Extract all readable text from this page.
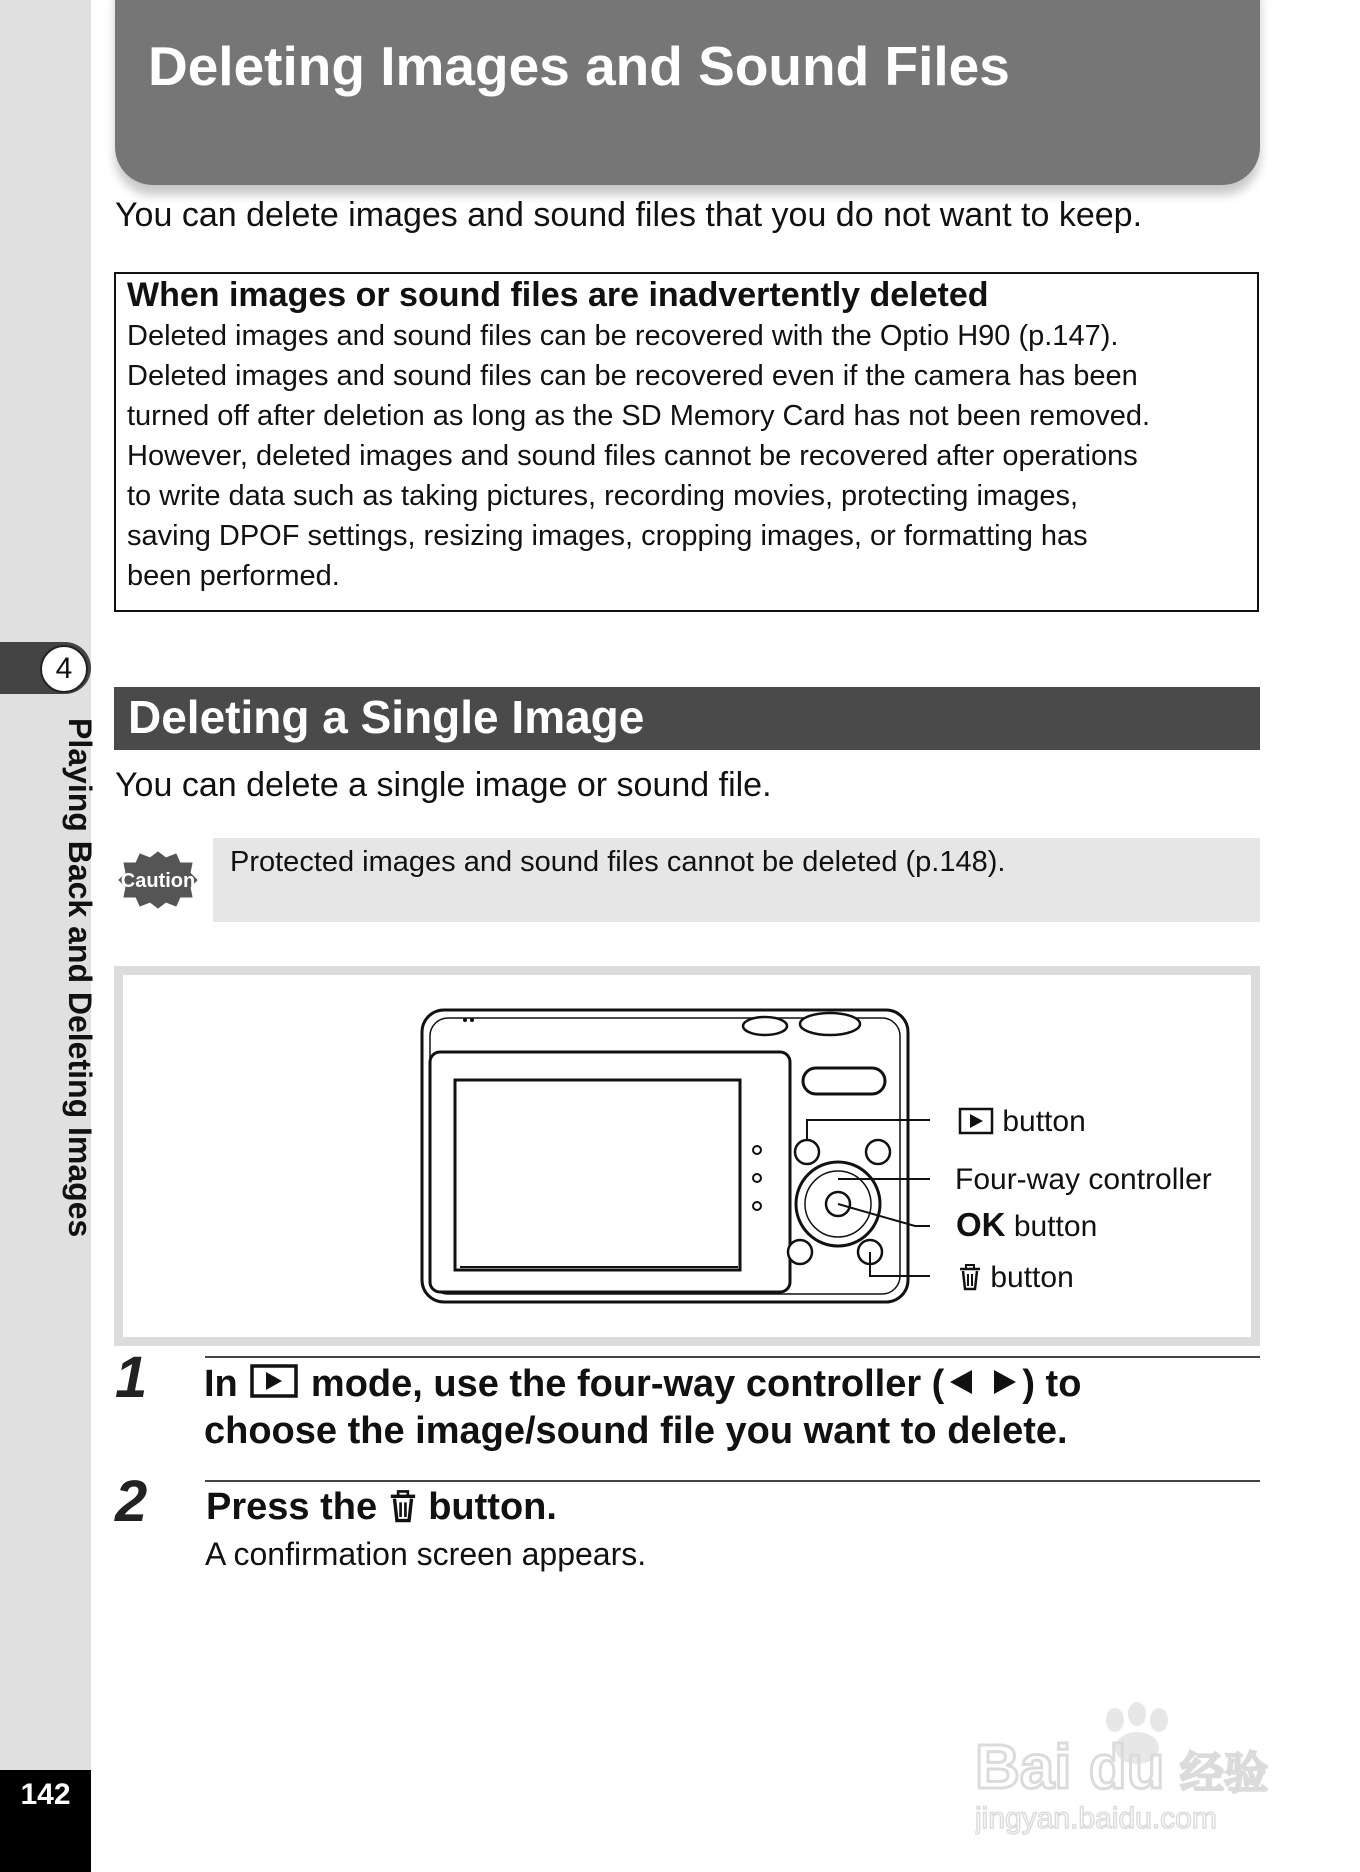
4
Playing Back and Deleting Images
142
Deleting Images and Sound Files
You can delete images and sound files that you do not want to keep.
When images or sound files are inadvertently deleted
Deleted images and sound files can be recovered with the Optio H90 (p.147).
Deleted images and sound files can be recovered even if the camera has been
turned off after deletion as long as the SD Memory Card has not been removed.
However, deleted images and sound files cannot be recovered after operations
to write data such as taking pictures, recording movies, protecting images,
saving DPOF settings, resizing images, cropping images, or formatting has
been performed.
Deleting a Single Image
You can delete a single image or sound file.
Caution
Protected images and sound files cannot be deleted (p.148).
button
Four-way controller
OK button
button
1 In mode, use the four-way controller ( ) to
choose the image/sound file you want to delete.
2 Press the button.
A confirmation screen appears.
Bai du 经验
jingyan.baidu.com
